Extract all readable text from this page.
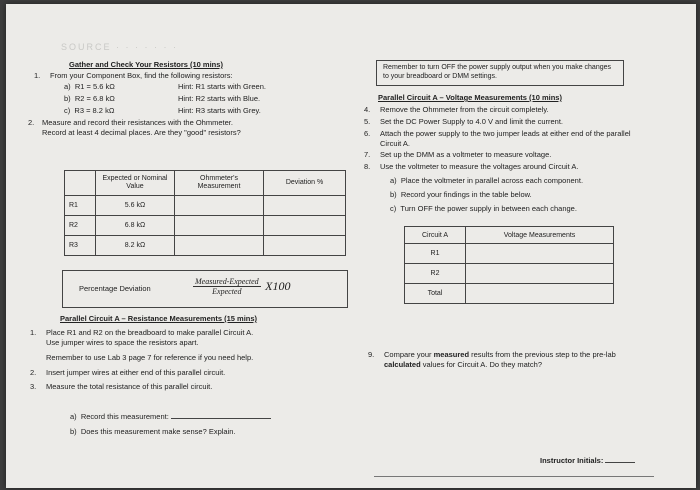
SOURCE · · · · · · ·
Gather and Check Your Resistors (10 mins)
1. From your Component Box, find the following resistors:
a) R1 = 5.6 kΩ	Hint: R1 starts with Green.
b) R2 = 6.8 kΩ	Hint: R2 starts with Blue.
c) R3 = 8.2 kΩ	Hint: R3 starts with Grey.
2. Measure and record their resistances with the Ohmmeter.
Record at least 4 decimal places. Are they "good" resistors?
	Expected or Nominal Value	Ohmmeter's Measurement	Deviation %
R1	5.6 kΩ		
R2	6.8 kΩ		
R3	8.2 kΩ		
Percentage Deviation	$\frac{\text{Measured-Expected}}{\text{Expected}} X100$
Parallel Circuit A – Resistance Measurements (15 mins)
1. Place R1 and R2 on the breadboard to make parallel Circuit A.
Use jumper wires to space the resistors apart.
Remember to use Lab 3 page 7 for reference if you need help.
2. Insert jumper wires at either end of this parallel circuit.
3. Measure the total resistance of this parallel circuit.
a)  Record this measurement:
b)  Does this measurement make sense? Explain.
Remember to turn OFF the power supply output when you make changes to your breadboard or DMM settings.
Parallel Circuit A – Voltage Measurements (10 mins)
4. Remove the Ohmmeter from the circuit completely.
5. Set the DC Power Supply to 4.0 V and limit the current.
6. Attach the power supply to the two jumper leads at either end of the parallel Circuit A.
7. Set up the DMM as a voltmeter to measure voltage.
8. Use the voltmeter to measure the voltages around Circuit A.
a) Place the voltmeter in parallel across each component.
b) Record your findings in the table below.
c) Turn OFF the power supply in between each change.
Circuit A	Voltage Measurements
R1	
R2	
Total	
9. Compare your measured results from the previous step to the pre-lab calculated values for Circuit A. Do they match?
Instructor Initials:
